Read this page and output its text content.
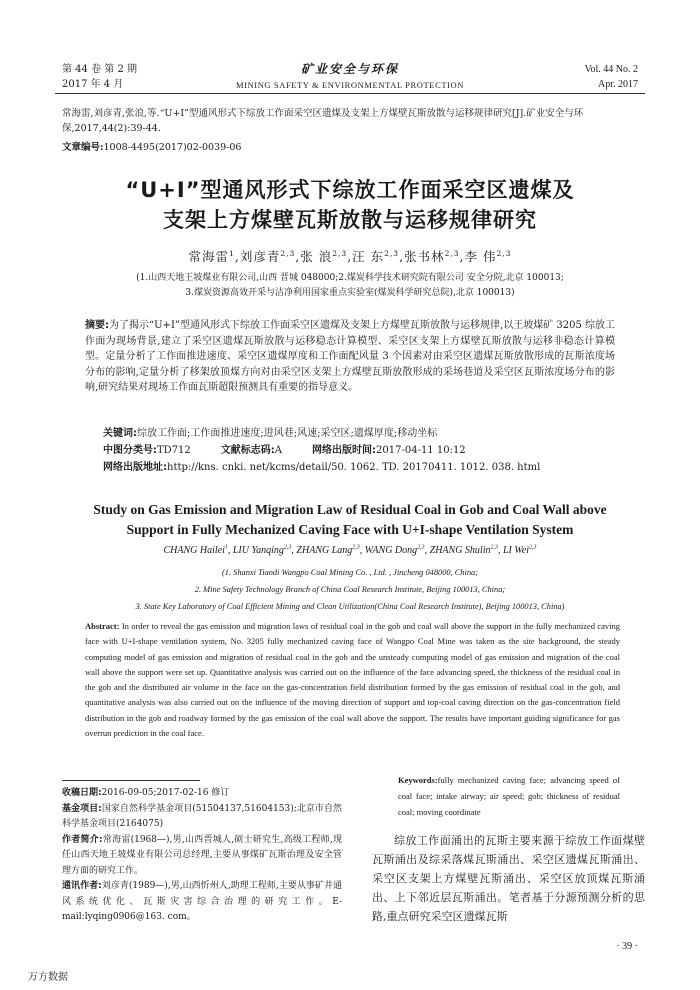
第 44 卷 第 2 期
2017 年 4 月
矿业安全与环保
MINING SAFETY & ENVIRONMENTAL PROTECTION
Vol. 44 No. 2
Apr. 2017
常海雷,刘彦青,张浪,等.“U+I”型通风形式下综放工作面采空区遗煤及支架上方煤壁瓦斯放散与运移规律研究[J].矿业安全与环保,2017,44(2):39-44.
文章编号:1008-4495(2017)02-0039-06
“U+I”型通风形式下综放工作面采空区遗煤及
支架上方煤壁瓦斯放散与运移规律研究
常海雷$^1$,刘彦青$^{2,3}$,张 浪$^{2,3}$,汪 东$^{2,3}$,张书林$^{2,3}$,李 伟$^{2,3}$
(1.山西天地王坡煤业有限公司,山西 晋城 048000;2.煤炭科学技术研究院有限公司 安全分院,北京 100013;
3.煤炭资源高效开采与洁净利用国家重点实验室(煤炭科学研究总院),北京 100013)
摘要:为了揭示“U+I”型通风形式下综放工作面采空区遗煤及支架上方煤壁瓦斯放散与运移规律,以王坡煤矿 3205 综放工作面为现场背景,建立了采空区遗煤瓦斯放散与运移稳态计算模型、采空区支架上方煤壁瓦斯放散与运移非稳态计算模型。定量分析了工作面推进速度、采空区遗煤厚度和工作面配风量 3 个因素对由采空区遗煤瓦斯放散形成的瓦斯浓度场分布的影响,定量分析了移架放顶煤方向对由采空区支架上方煤壁瓦斯放散形成的采场巷道及采空区瓦斯浓度场分布的影响,研究结果对现场工作面瓦斯超限预测具有重要的指导意义。
关键词:综放工作面;工作面推进速度;进风巷;风速;采空区;遗煤厚度;移动坐标
中图分类号:TD712	文献标志码:A	网络出版时间:2017-04-11 10:12
网络出版地址:http://kns. cnki. net/kcms/detail/50. 1062. TD. 20170411. 1012. 038. html
Study on Gas Emission and Migration Law of Residual Coal in Gob and Coal Wall above
Support in Fully Mechanized Caving Face with U+I-shape Ventilation System
CHANG Hailei$^1$, LIU Yanqing$^{2,3}$, ZHANG Lang$^{2,3}$, WANG Dong$^{2,3}$, ZHANG Shulin$^{2,3}$, LI Wei$^{2,3}$
(1. Shanxi Tiandi Wangpo Coal Mining Co. , Ltd. , Jincheng 048000, China;
2. Mine Safety Technology Branch of China Coal Research Institute, Beijing 100013, China;
3. State Key Laboratory of Coal Efficient Mining and Clean Utilization(China Coal Research Institute), Beijing 100013, China)
Abstract: In order to reveal the gas emission and migration laws of residual coal in the gob and coal wall above the support in the fully mechanized caving face with U+I-shape ventilation system, No. 3205 fully mechanized caving face of Wangpo Coal Mine was taken as the site background, the steady computing model of gas emission and migration of residual coal in the gob and the unsteady computing model of gas emission and migration of the coal wall above the support were set up. Quantitative analysis was carried out on the influence of the face advancing speed, the thickness of the residual coal in the gob and the distributed air volume in the face on the gas-concentration field distribution formed by the gas emission of residual coal in the gob, and quantitative analysis was also carried out on the influence of the moving direction of support and top-coal caving direction on the gas-concentration field distribution in the gob and roadway formed by the gas emission of the coal wall above the support. The results have important guiding significance for gas overrun prediction in the coal face.
Keywords:fully mechanized caving face; advancing speed of coal face; intake airway; air speed; gob; thickness of residual coal; moving coordinate
收稿日期:2016-09-05;2017-02-16 修订
基金项目:国家自然科学基金项目(51504137,51604153);北京市自然科学基金项目(2164075)
作者简介:常海雷(1968—),男,山西晋城人,硕士研究生,高级工程师,现任山西天地王坡煤业有限公司总经理,主要从事煤矿瓦斯治理及安全管理方面的研究工作。
通讯作者:刘彦青(1989—),男,山西忻州人,助理工程师,主要从事矿井通风系统优化、瓦斯灾害综合治理的研究工作。E-mail:lyqing0906@163. com。
综放工作面涌出的瓦斯主要来源于综放工作面煤壁瓦斯涌出及综采落煤瓦斯涌出、采空区遗煤瓦斯涌出、采空区支架上方煤壁瓦斯涌出、采空区放顶煤瓦斯涌出、上下邻近层瓦斯涌出。笔者基于分源预测分析的思路,重点研究采空区遗煤瓦斯
· 39 ·
万方数据
